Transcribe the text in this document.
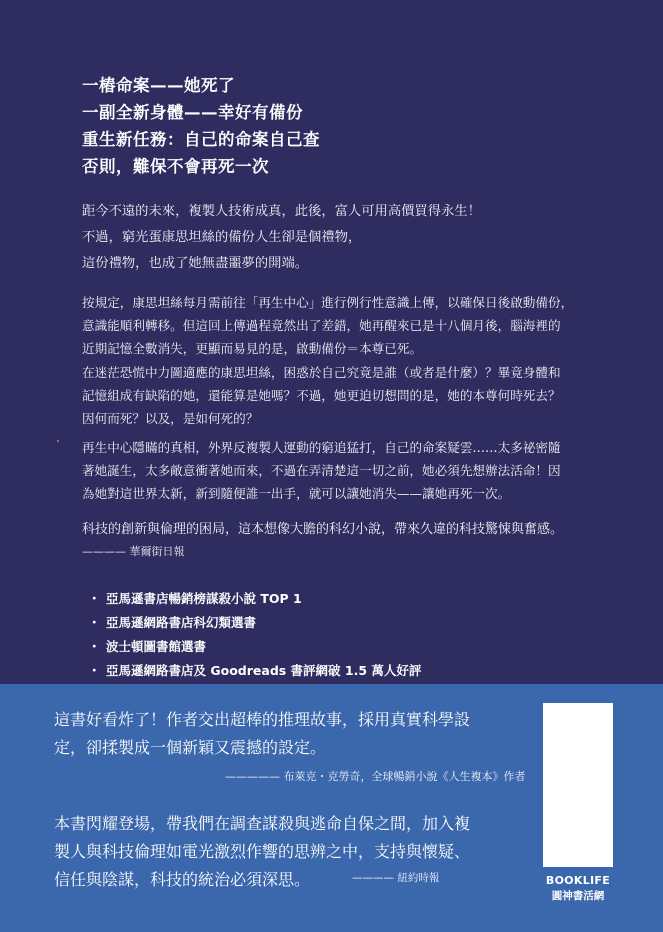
一樁命案——她死了
一副全新身體——幸好有備份
重生新任務：自己的命案自己查
否則，難保不會再死一次
距今不遠的未來，複製人技術成真，此後，富人可用高價買得永生！
不過，窮光蛋康思坦絲的備份人生卻是個禮物，
這份禮物，也成了她無盡噩夢的開端。
按規定，康思坦絲每月需前往「再生中心」進行例行性意識上傳，以確保日後啟動備份，
意識能順利轉移。但這回上傳過程竟然出了差錯，她再醒來已是十八個月後，腦海裡的
近期記憶全數消失，更顯而易見的是，啟動備份＝本尊已死。
在迷茫恐慌中力圖適應的康思坦絲，困惑於自己究竟是誰（或者是什麼）？畢竟身體和
記憶組成有缺陷的她，還能算是她嗎？不過，她更迫切想問的是，她的本尊何時死去？
因何而死？以及，是如何死的？
再生中心隱瞞的真相，外界反複製人運動的窮追猛打，自己的命案疑雲……太多祕密隨
著她誕生，太多敵意衝著她而來，不過在弄清楚這一切之前，她必須先想辦法活命！因
為她對這世界太新，新到隨便誰一出手，就可以讓她消失——讓她再死一次。
科技的創新與倫理的困局，這本想像大膽的科幻小說，帶來久違的科技驚悚與奮感。
———— 華爾街日報
・ 亞馬遜書店暢銷榜謀殺小說 TOP 1
・ 亞馬遜網路書店科幻類選書
・ 波士頓圖書館選書
・ 亞馬遜網路書店及 Goodreads 書評網破 1.5 萬人好評
這書好看炸了！作者交出超棒的推理故事，採用真實科學設
定，卻揉製成一個新穎又震撼的設定。
————— 布萊克・克勞奇，全球暢銷小說《人生複本》作者
本書閃耀登場，帶我們在調查謀殺與逃命自保之間，加入複
製人與科技倫理如電光激烈作響的思辨之中，支持與懷疑、
信任與陰謀，科技的統治必須深思。	———— 紐約時報	BOOKLIFE
圓神書活網
